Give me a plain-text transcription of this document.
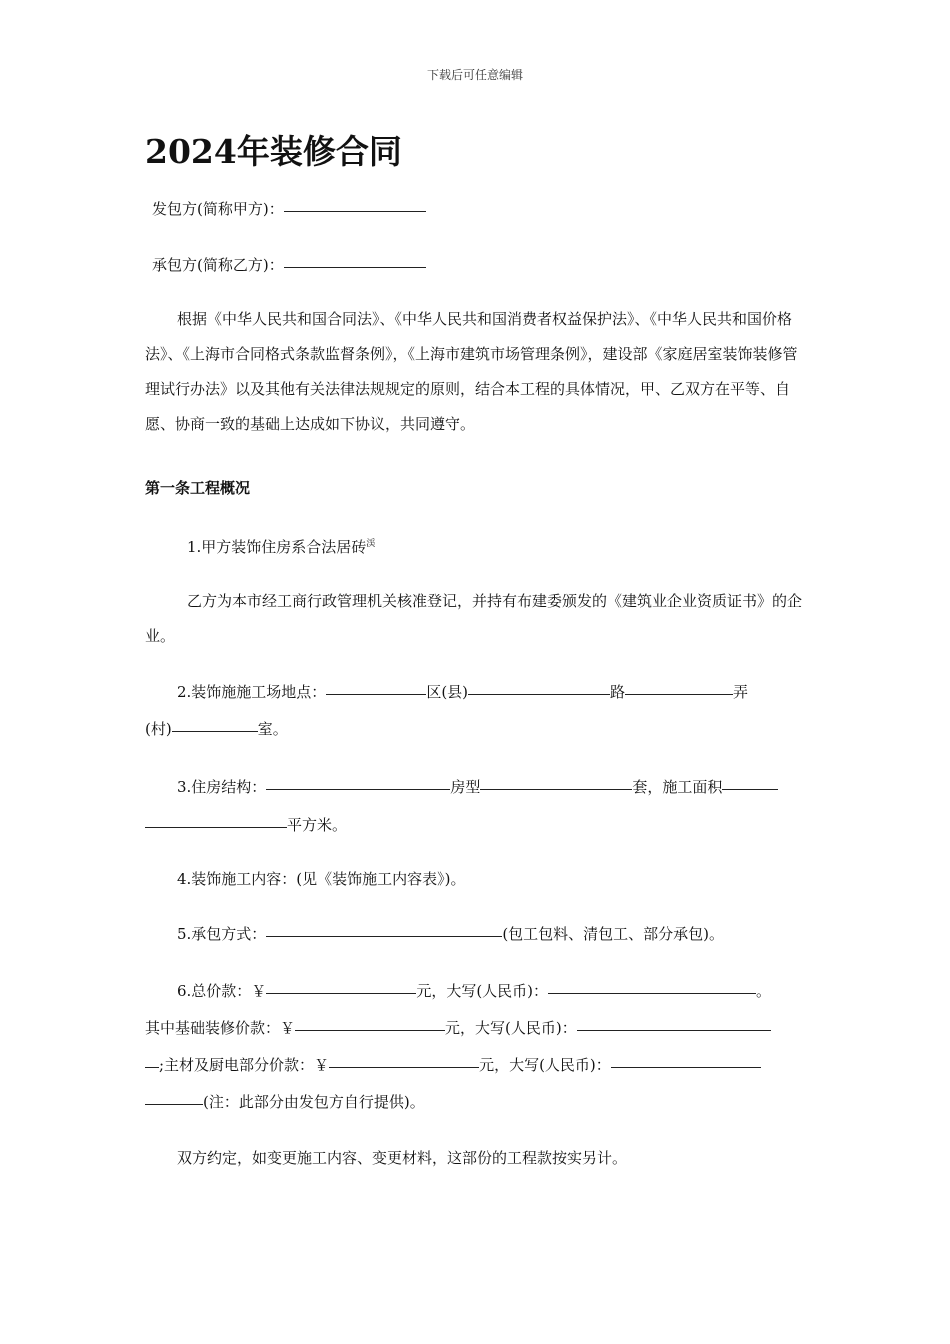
下载后可任意编辑
2024年装修合同
发包方(简称甲方)：
承包方(简称乙方)：
根据《中华人民共和国合同法》、《中华人民共和国消费者权益保护法》、《中华人民共和国价格法》、《上海市合同格式条款监督条例》，《上海市建筑市场管理条例》，建设部《家庭居室装饰装修管理试行办法》以及其他有关法律法规规定的原则，结合本工程的具体情况，甲、乙双方在平等、自愿、协商一致的基础上达成如下协议，共同遵守。
第一条工程概况
1.甲方装饰住房系合法居砖$^渓$
乙方为本市经工商行政管理机关核准登记，并持有布建委颁发的《建筑业企业资质证书》的企业。
2.装饰施施工场地点：	区(县)	路	弄
(村)	室。
3.住房结构：	房型	套，施工面积
平方米。
4.装饰施工内容：(见《装饰施工内容表》)。
5.承包方式：	(包工包料、清包工、部分承包)。
6.总价款：￥	元，大写(人民币)：	。
其中基础装修价款：￥	元，大写(人民币)：
;主材及厨电部分价款：￥	元，大写(人民币)：
(注：此部分由发包方自行提供)。
双方约定，如变更施工内容、变更材料，这部份的工程款按实另计。
